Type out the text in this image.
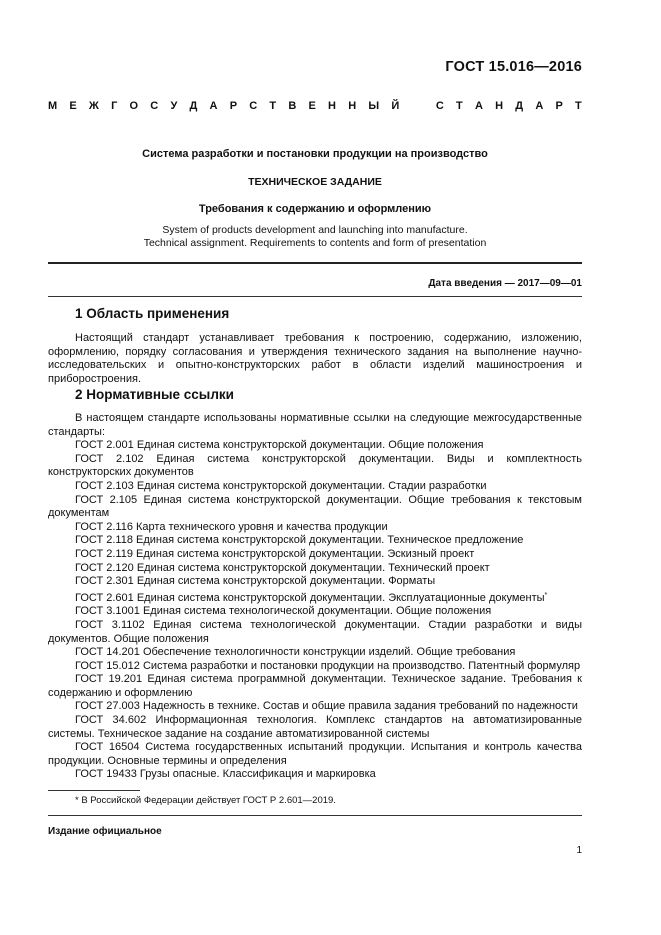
ГОСТ 15.016—2016
М Е Ж Г О С У Д А Р С Т В Е Н Н Ы Й	С Т А Н Д А Р Т
Система разработки и постановки продукции на производство
ТЕХНИЧЕСКОЕ ЗАДАНИЕ
Требования к содержанию и оформлению
System of products development and launching into manufacture.
Technical assignment. Requirements to contents and form of presentation
Дата введения — 2017—09—01
1 Область применения

Настоящий стандарт устанавливает требования к построению, содержанию, изложению, оформлению, порядку согласования и утверждения технического задания на выполнение научно-исследовательских и опытно-конструкторских работ в области изделий машиностроения и приборостроения.

2 Нормативные ссылки

В настоящем стандарте использованы нормативные ссылки на следующие межгосударственные стандарты:

ГОСТ 2.001 Единая система конструкторской документации. Общие положения

ГОСТ 2.102 Единая система конструкторской документации. Виды и комплектность конструкторских документов

ГОСТ 2.103 Единая система конструкторской документации. Стадии разработки

ГОСТ 2.105 Единая система конструкторской документации. Общие требования к текстовым документам

ГОСТ 2.116 Карта технического уровня и качества продукции

ГОСТ 2.118 Единая система конструкторской документации. Техническое предложение

ГОСТ 2.119 Единая система конструкторской документации. Эскизный проект

ГОСТ 2.120 Единая система конструкторской документации. Технический проект

ГОСТ 2.301 Единая система конструкторской документации. Форматы

ГОСТ 2.601 Единая система конструкторской документации. Эксплуатационные документы*

ГОСТ 3.1001 Единая система технологической документации. Общие положения

ГОСТ 3.1102 Единая система технологической документации. Стадии разработки и виды документов. Общие положения

ГОСТ 14.201 Обеспечение технологичности конструкции изделий. Общие требования

ГОСТ 15.012 Система разработки и постановки продукции на производство. Патентный формуляр

ГОСТ 19.201 Единая система программной документации. Техническое задание. Требования к содержанию и оформлению

ГОСТ 27.003 Надежность в технике. Состав и общие правила задания требований по надежности

ГОСТ 34.602 Информационная технология. Комплекс стандартов на автоматизированные системы. Техническое задание на создание автоматизированной системы

ГОСТ 16504 Система государственных испытаний продукции. Испытания и контроль качества продукции. Основные термины и определения

ГОСТ 19433 Грузы опасные. Классификация и маркировка

* В Российской Федерации действует ГОСТ Р 2.601—2019.
Издание официальное
1
